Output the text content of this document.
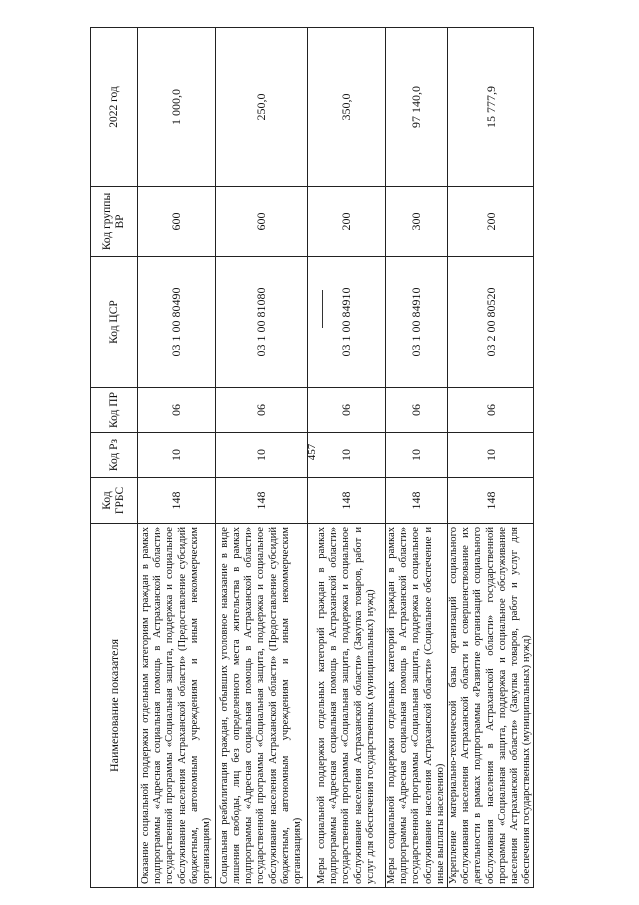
457
Наименование показателя	Код ГРБС	Код Рз	Код ПР	Код ЦСР	Код группы ВР	2022 год
Оказание социальной поддержки отдельным категориям граждан в рамках подпрограммы «Адресная социальная помощь в Астраханской области» государственной программы «Социальная защита, поддержка и социальное обслуживание населения Астраханской области» (Предоставление субсидий бюджетным, автономным учреждениям и иным некоммерческим организациям)	148	10	06	03 1 00 80490	600	1 000,0
Социальная реабилитация граждан, отбывших уголовное наказание в виде лишения свободы, лиц без определенного места жительства в рамках подпрограммы «Адресная социальная помощь в Астраханской области» государственной программы «Социальная защита, поддержка и социальное обслуживание населения Астраханской области» (Предоставление субсидий бюджетным, автономным учреждениям и иным некоммерческим организациям)	148	10	06	03 1 00 81080	600	250,0
Меры социальной поддержки отдельных категорий граждан в рамках подпрограммы «Адресная социальная помощь в Астраханской области» государственной программы «Социальная защита, поддержка и социальное обслуживание населения Астраханской области» (Закупка товаров, работ и услуг для обеспечения государственных (муниципальных) нужд)	148	10	06	03 1 00 84910	200	350,0
Меры социальной поддержки отдельных категорий граждан в рамках подпрограммы «Адресная социальная помощь в Астраханской области» государственной программы «Социальная защита, поддержка и социальное обслуживание населения Астраханской области» (Социальное обеспечение и иные выплаты населению)	148	10	06	03 1 00 84910	300	97 140,0
Укрепление материально-технической базы организаций социального обслуживания населения Астраханской области и совершенствование их деятельности в рамках подпрограммы «Развитие организаций социального обслуживания населения в Астраханской области» государственной программы «Социальная защита, поддержка и социальное обслуживание населения Астраханской области» (Закупка товаров, работ и услуг для обеспечения государственных (муниципальных) нужд)	148	10	06	03 2 00 80520	200	15 777,9
